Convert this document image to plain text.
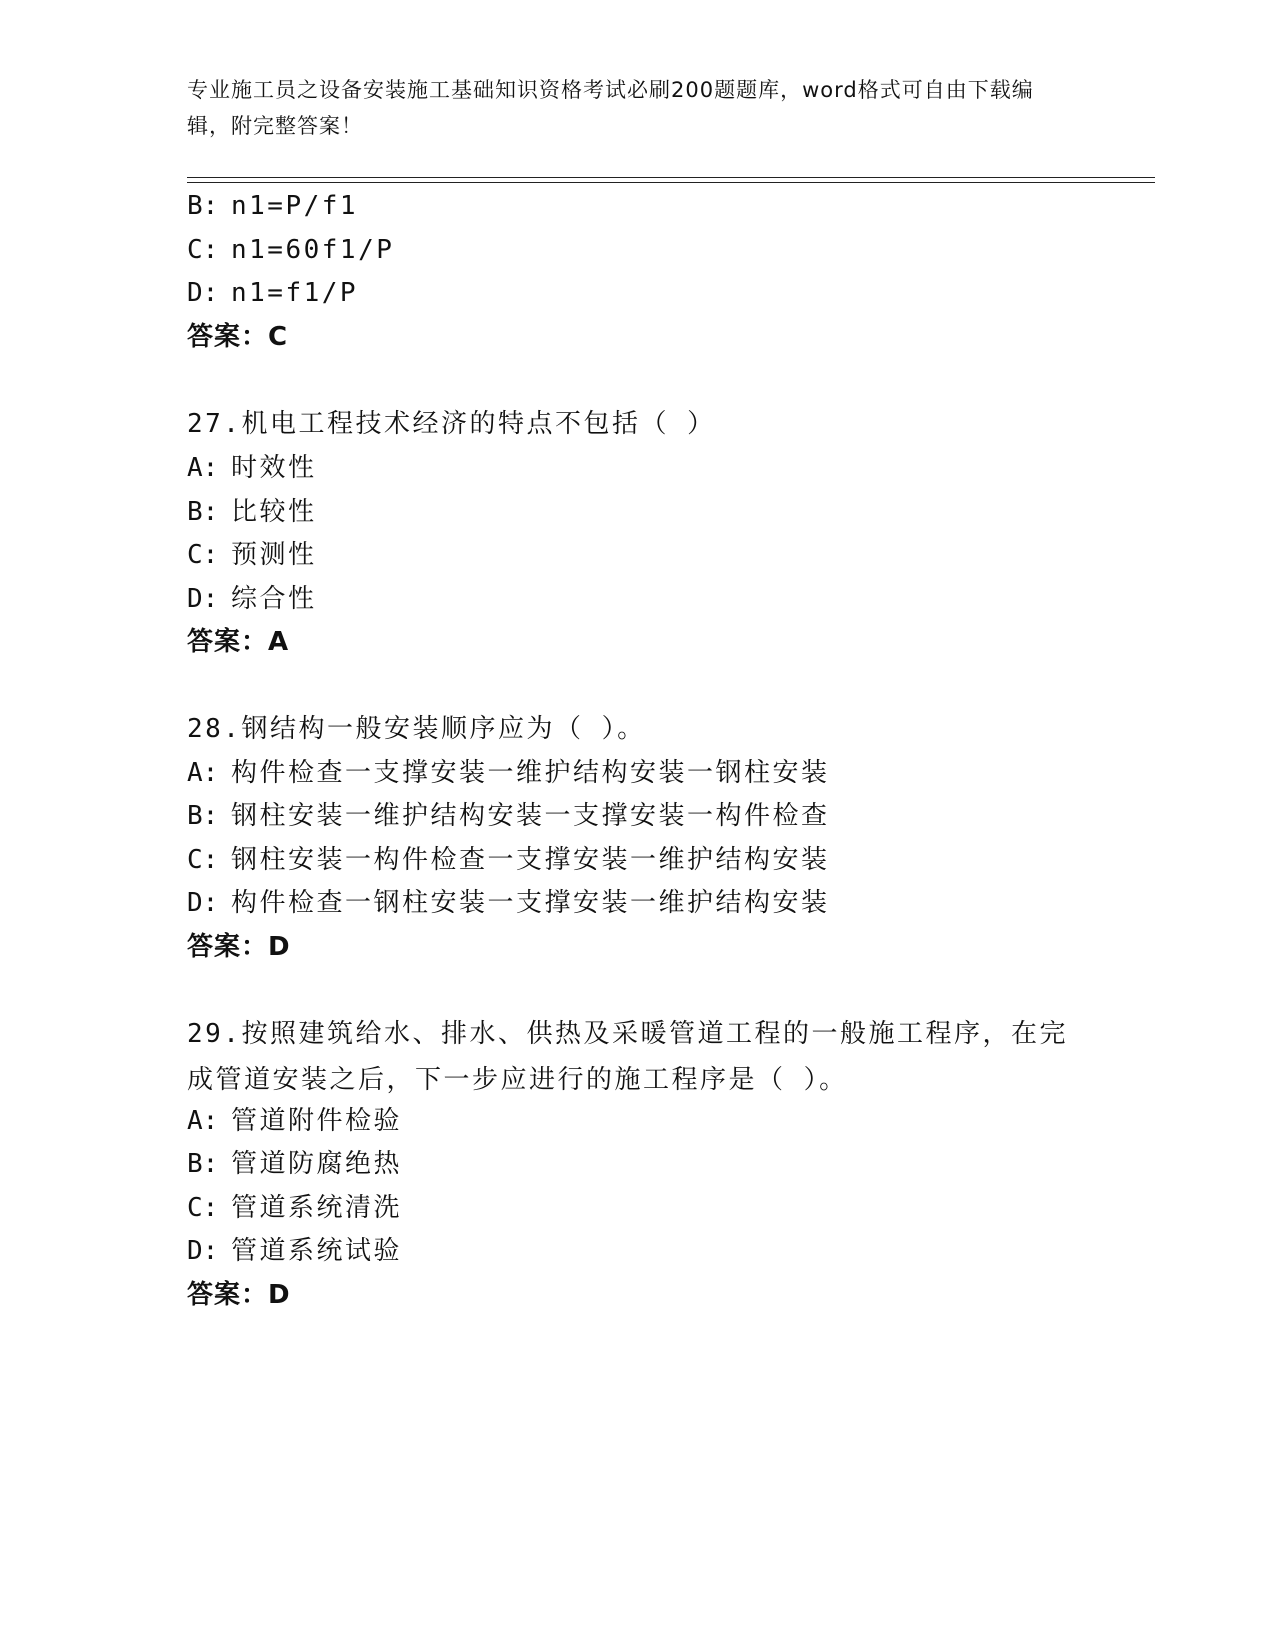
专业施工员之设备安装施工基础知识资格考试必刷200题题库，word格式可自由下载编辑，附完整答案！
B: n1=P/f1
C: n1=60f1/P
D: n1=f1/P
答案：C
27.机电工程技术经济的特点不包括（ ）
A: 时效性
B: 比较性
C: 预测性
D: 综合性
答案：A
28.钢结构一般安装顺序应为（ ）。
A: 构件检查一支撑安装一维护结构安装一钢柱安装
B: 钢柱安装一维护结构安装一支撑安装一构件检查
C: 钢柱安装一构件检查一支撑安装一维护结构安装
D: 构件检查一钢柱安装一支撑安装一维护结构安装
答案：D
29.按照建筑给水、排水、供热及采暖管道工程的一般施工程序，在完成管道安装之后，下一步应进行的施工程序是（ ）。
A: 管道附件检验
B: 管道防腐绝热
C: 管道系统清洗
D: 管道系统试验
答案：D
